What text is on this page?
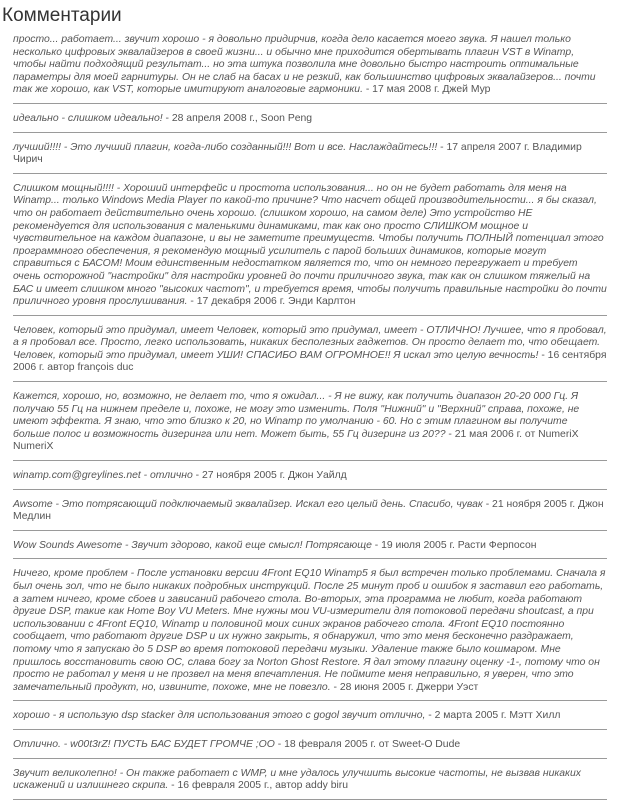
Комментарии
просто... работает... звучит хорошо - я довольно придирчив, когда дело касается моего звука. Я нашел только несколько цифровых эквалайзеров в своей жизни... и обычно мне приходится обертывать плагин VST в Winamp, чтобы найти подходящий результат... но эта штука позволила мне довольно быстро настроить оптимальные параметры для моей гарнитуры. Он не слаб на басах и не резкий, как большинство цифровых эквалайзеров... почти так же хорошо, как VST, которые имитируют аналоговые гармоники. - 17 мая 2008 г. Джей Мур
идеально - слишком идеально! - 28 апреля 2008 г., Soon Peng
лучший!!!! - Это лучший плагин, когда-либо созданный!!! Вот и все. Наслаждайтесь!!! - 17 апреля 2007 г. Владимир Чирич
Слишком мощный!!!! - Хороший интерфейс и простота использования... но он не будет работать для меня на Winamp... только Windows Media Player по какой-то причине? Что насчет общей производительности... я бы сказал, что он работает действительно очень хорошо. (слишком хорошо, на самом деле) Это устройство НЕ рекомендуется для использования с маленькими динамиками, так как оно просто СЛИШКОМ мощное и чувствительное на каждом диапазоне, и вы не заметите преимуществ. Чтобы получить ПОЛНЫЙ потенциал этого программного обеспечения, я рекомендую мощный усилитель с парой больших динамиков, которые могут справиться с БАСОМ! Моим единственным недостатком является то, что он немного перегружает и требует очень осторожной "настройки" для настройки уровней до почти приличного звука, так как он слишком тяжелый на БАС и имеет слишком много "высоких частот", и требуется время, чтобы получить правильные настройки до почти приличного уровня прослушивания. - 17 декабря 2006 г. Энди Карлтон
Человек, который это придумал, имеет Человек, который это придумал, имеет - ОТЛИЧНО! Лучшее, что я пробовал, а я пробовал все. Просто, легко использовать, никаких бесполезных гаджетов. Он просто делает то, что обещает. Человек, который это придумал, имеет УШИ! СПАСИБО ВАМ ОГРОМНОЕ!! Я искал это целую вечность! - 16 сентября 2006 г. автор françois duc
Кажется, хорошо, но, возможно, не делает то, что я ожидал... - Я не вижу, как получить диапазон 20-20 000 Гц. Я получаю 55 Гц на нижнем пределе и, похоже, не могу это изменить. Поля "Нижний" и "Верхний" справа, похоже, не имеют эффекта. Я знаю, что это близко к 20, но Winamp по умолчанию - 60. Но с этим плагином вы получите больше полос и возможность дизеринга или нет. Может быть, 55 Гц дизеринг из 20?? - 21 мая 2006 г. от NumeriX NumeriX
winamp.com@greylines.net - отлично - 27 ноября 2005 г. Джон Уайлд
Awsome - Это потрясающий подключаемый эквалайзер. Искал его целый день. Спасибо, чувак - 21 ноября 2005 г. Джон Медлин
Wow Sounds Awesome - Звучит здорово, какой еще смысл! Потрясающе - 19 июля 2005 г. Расти Ферпосон
Ничего, кроме проблем - После установки версии 4Front EQ10 Winamp5 я был встречен только проблемами. Сначала я был очень зол, что не было никаких подробных инструкций. После 25 минут проб и ошибок я заставил его работать, а затем ничего, кроме сбоев и зависаний рабочего стола. Во-вторых, эта программа не любит, когда работают другие DSP, такие как Home Boy VU Meters. Мне нужны мои VU-измерители для потоковой передачи shoutcast, а при использовании с 4Front EQ10, Winamp и половиной моих синих экранов рабочего стола. 4Front EQ10 постоянно сообщает, что работают другие DSP и их нужно закрыть, я обнаружил, что это меня бесконечно раздражает, потому что я запускаю до 5 DSP во время потоковой передачи музыки. Удаление также было кошмаром. Мне пришлось восстановить свою ОС, слава богу за Norton Ghost Restore. Я дал этому плагину оценку -1-, потому что он просто не работал у меня и не прозвел на меня впечатления. Не поймите меня неправильно, я уверен, что это замечательный продукт, но, извините, похоже, мне не повезло. - 28 июня 2005 г. Джерри Уэст
хорошо - я использую dsp stacker для использования этого с gogol звучит отлично, - 2 марта 2005 г. Мэтт Хилл
Отлично. - w00t3rZ! ПУСТЬ БАС БУДЕТ ГРОМЧЕ ;OO - 18 февраля 2005 г. от Sweet-O Dude
Звучит великолепно! - Он также работает с WMP, и мне удалось улучшить высокие частоты, не вызвав никаких искажений и излишнего скрипа. - 16 февраля 2005 г., автор addy biru
